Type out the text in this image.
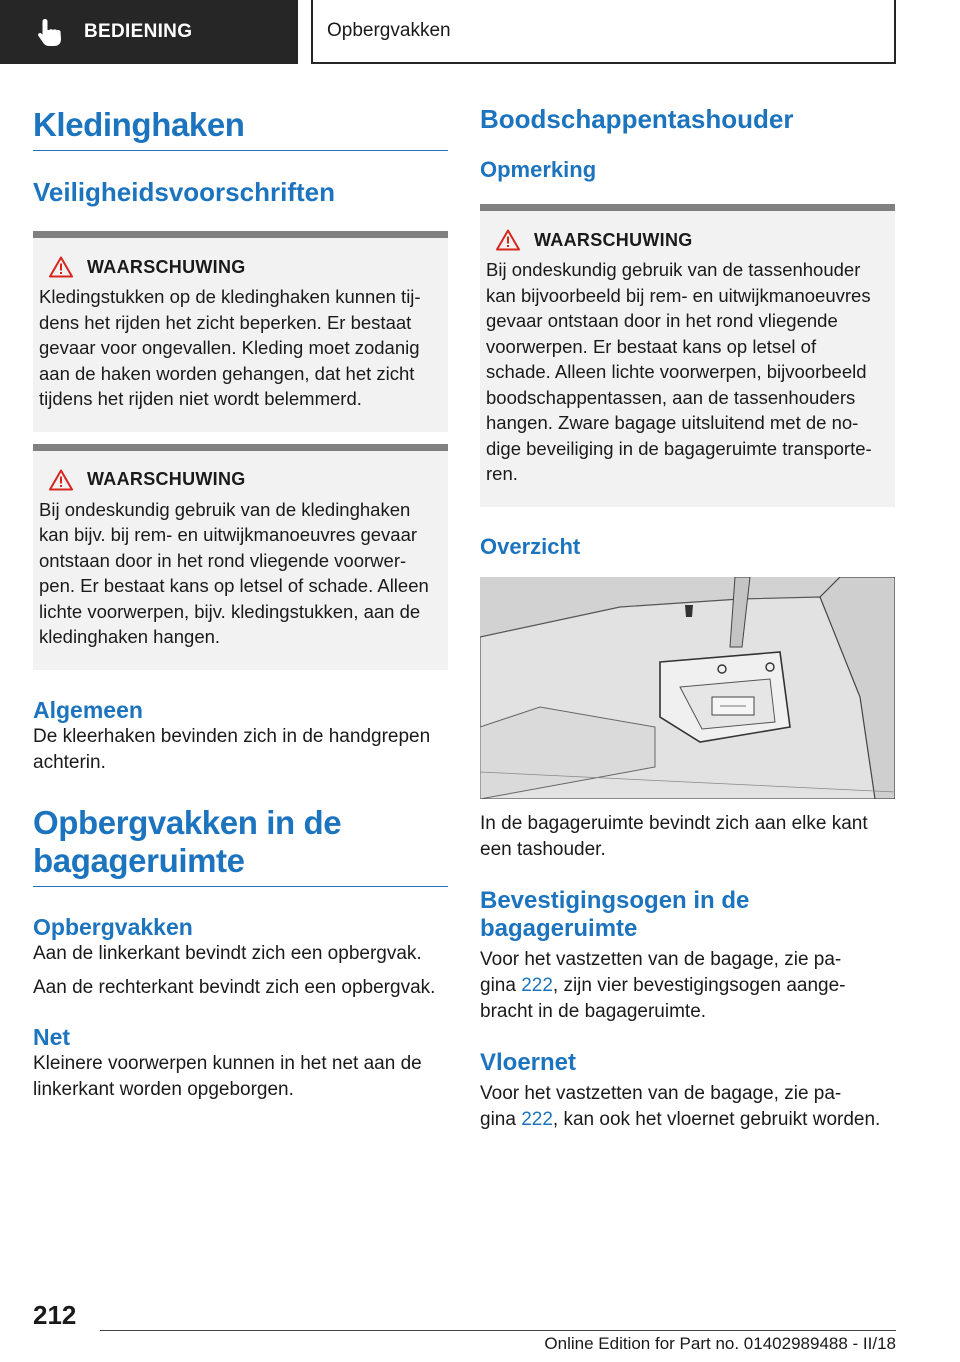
BEDIENING	Opbergvakken
Kledinghaken
Veiligheidsvoorschriften
WAARSCHUWING
Kledingstukken op de kledinghaken kunnen tij-
dens het rijden het zicht beperken. Er bestaat
gevaar voor ongevallen. Kleding moet zodanig
aan de haken worden gehangen, dat het zicht
tijdens het rijden niet wordt belemmerd.
WAARSCHUWING
Bij ondeskundig gebruik van de kledinghaken
kan bijv. bij rem- en uitwijkmanoeuvres gevaar
ontstaan door in het rond vliegende voorwer-
pen. Er bestaat kans op letsel of schade. Alleen
lichte voorwerpen, bijv. kledingstukken, aan de
kledinghaken hangen.
Algemeen
De kleerhaken bevinden zich in de handgrepen
achterin.
Opbergvakken in de
bagageruimte
Opbergvakken
Aan de linkerkant bevindt zich een opbergvak.
Aan de rechterkant bevindt zich een opbergvak.
Net
Kleinere voorwerpen kunnen in het net aan de
linkerkant worden opgeborgen.
Boodschappentashouder
Opmerking
WAARSCHUWING
Bij ondeskundig gebruik van de tassenhouder
kan bijvoorbeeld bij rem- en uitwijkmanoeuvres
gevaar ontstaan door in het rond vliegende
voorwerpen. Er bestaat kans op letsel of
schade. Alleen lichte voorwerpen, bijvoorbeeld
boodschappentassen, aan de tassenhouders
hangen. Zware bagage uitsluitend met de no-
dige beveiliging in de bagageruimte transporte-
ren.
Overzicht
In de bagageruimte bevindt zich aan elke kant
een tashouder.
Bevestigingsogen in de
bagageruimte
Voor het vastzetten van de bagage, zie pa-
gina 222, zijn vier bevestigingsogen aange-
bracht in de bagageruimte.
Vloernet
Voor het vastzetten van de bagage, zie pa-
gina 222, kan ook het vloernet gebruikt worden.
212
Online Edition for Part no. 01402989488 - II/18
